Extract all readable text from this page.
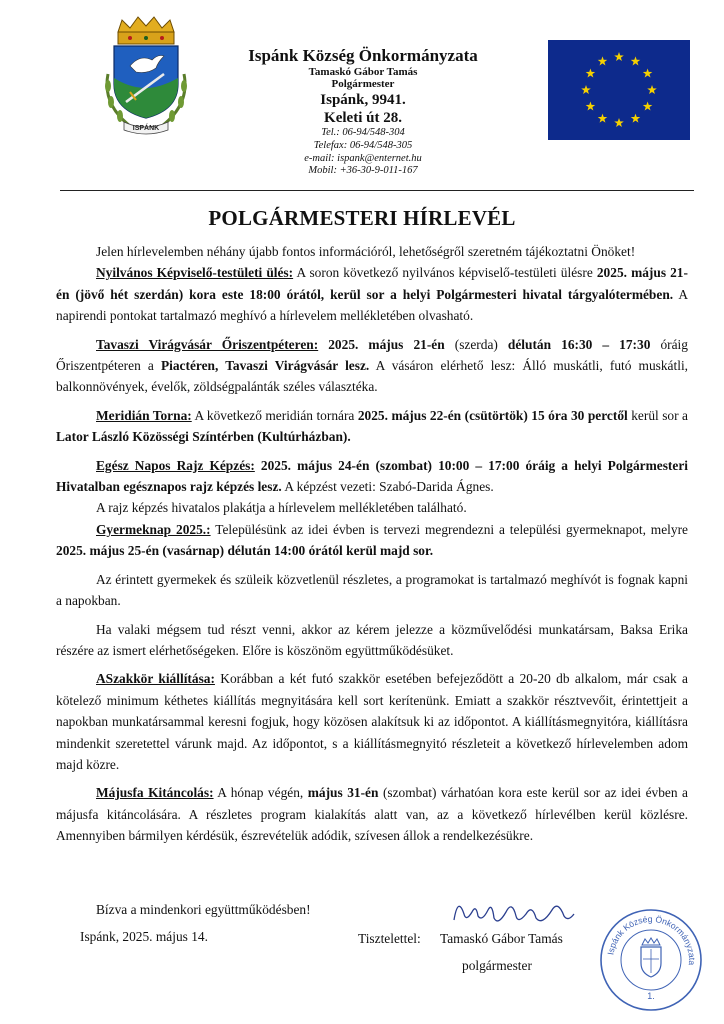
ISPÁNK
Ispánk Község Önkormányzata
Tamaskó Gábor Tamás
Polgármester
Ispánk, 9941.
Keleti út 28.
Tel.: 06-94/548-304
Telefax: 06-94/548-305
e-mail: ispank@enternet.hu
Mobil: +36-30-9-011-167
POLGÁRMESTERI HÍRLEVÉL

Jelen hírlevelemben néhány újabb fontos információról, lehetőségről szeretném tájékoztatni Önöket!

Nyilvános Képviselő-testületi ülés: A soron következő nyilvános képviselő-testületi ülésre 2025. május 21-én (jövő hét szerdán) kora este 18:00 órától, kerül sor a helyi Polgármesteri hivatal tárgyalótermében. A napirendi pontokat tartalmazó meghívó a hírlevelem mellékletében olvasható.

Tavaszi Virágvásár Őriszentpéteren: 2025. május 21-én (szerda) délután 16:30 – 17:30 óráig Őriszentpéteren a Piactéren, Tavaszi Virágvásár lesz. A vásáron elérhető lesz: Álló muskátli, futó muskátli, balkonnövények, évelők, zöldségpalánták széles választéka.

Meridián Torna: A következő meridián tornára 2025. május 22-én (csütörtök) 15 óra 30 perctől kerül sor a Lator László Közösségi Színtérben (Kultúrházban).

Egész Napos Rajz Képzés: 2025. május 24-én (szombat) 10:00 – 17:00 óráig a helyi Polgármesteri Hivatalban egésznapos rajz képzés lesz. A képzést vezeti: Szabó-Darida Ágnes.

A rajz képzés hivatalos plakátja a hírlevelem mellékletében található.

Gyermeknap 2025.: Településünk az idei évben is tervezi megrendezni a települési gyermeknapot, melyre 2025. május 25-én (vasárnap) délután 14:00 órától kerül majd sor.

Az érintett gyermekek és szüleik közvetlenül részletes, a programokat is tartalmazó meghívót is fognak kapni a napokban.

Ha valaki mégsem tud részt venni, akkor az kérem jelezze a közművelődési munkatársam, Baksa Erika részére az ismert elérhetőségeken. Előre is köszönöm együttműködésüket.

ASzakkör kiállítása: Korábban a két futó szakkör esetében befejeződött a 20-20 db alkalom, már csak a kötelező minimum kéthetes kiállítás megnyitására kell sort kerítenünk. Emiatt a szakkör résztvevőit, érintettjeit a napokban munkatársammal keresni fogjuk, hogy közösen alakítsuk ki az időpontot. A kiállításmegnyitóra, kiállításra mindenkit szeretettel várunk majd. Az időpontot, s a kiállításmegnyitó részleteit a következő hírlevelemben adom majd közre.

Májusfa Kitáncolás: A hónap végén, május 31-én (szombat) várhatóan kora este kerül sor az idei évben a májusfa kitáncolására. A részletes program kialakítás alatt van, az a következő hírlevélben kerül közlésre. Amennyiben bármilyen kérdésük, észrevételük adódik, szívesen állok a rendelkezésükre.

Bízva a mindenkori együttműködésben!
Ispánk, 2025. május 14.	Tisztelettel: Tamaskó Gábor Tamás
polgármester
Ispánk Község Önkormányzata
1.
